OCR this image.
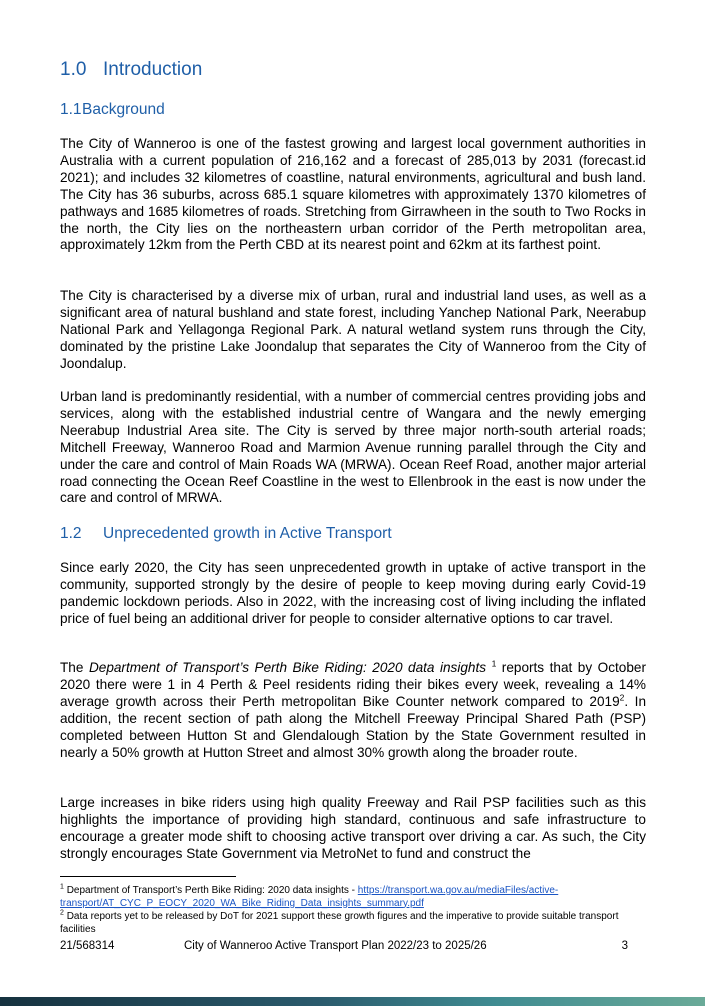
1.0 Introduction
1.1Background
The City of Wanneroo is one of the fastest growing and largest local government authorities in Australia with a current population of 216,162 and a forecast of 285,013 by 2031 (forecast.id 2021); and includes 32 kilometres of coastline, natural environments, agricultural and bush land. The City has 36 suburbs, across 685.1 square kilometres with approximately 1370 kilometres of pathways and 1685 kilometres of roads. Stretching from Girrawheen in the south to Two Rocks in the north, the City lies on the northeastern urban corridor of the Perth metropolitan area, approximately 12km from the Perth CBD at its nearest point and 62km at its farthest point.
The City is characterised by a diverse mix of urban, rural and industrial land uses, as well as a significant area of natural bushland and state forest, including Yanchep National Park, Neerabup National Park and Yellagonga Regional Park. A natural wetland system runs through the City, dominated by the pristine Lake Joondalup that separates the City of Wanneroo from the City of Joondalup.
Urban land is predominantly residential, with a number of commercial centres providing jobs and services, along with the established industrial centre of Wangara and the newly emerging Neerabup Industrial Area site. The City is served by three major north-south arterial roads; Mitchell Freeway, Wanneroo Road and Marmion Avenue running parallel through the City and under the care and control of Main Roads WA (MRWA). Ocean Reef Road, another major arterial road connecting the Ocean Reef Coastline in the west to Ellenbrook in the east is now under the care and control of MRWA.
1.2 Unprecedented growth in Active Transport
Since early 2020, the City has seen unprecedented growth in uptake of active transport in the community, supported strongly by the desire of people to keep moving during early Covid-19 pandemic lockdown periods. Also in 2022, with the increasing cost of living including the inflated price of fuel being an additional driver for people to consider alternative options to car travel.
The Department of Transport’s Perth Bike Riding: 2020 data insights $^1$ reports that by October 2020 there were 1 in 4 Perth & Peel residents riding their bikes every week, revealing a 14% average growth across their Perth metropolitan Bike Counter network compared to 2019$^2$. In addition, the recent section of path along the Mitchell Freeway Principal Shared Path (PSP) completed between Hutton St and Glendalough Station by the State Government resulted in nearly a 50% growth at Hutton Street and almost 30% growth along the broader route.
Large increases in bike riders using high quality Freeway and Rail PSP facilities such as this highlights the importance of providing high standard, continuous and safe infrastructure to encourage a greater mode shift to choosing active transport over driving a car. As such, the City strongly encourages State Government via MetroNet to fund and construct the
$^1$ Department of Transport’s Perth Bike Riding: 2020 data insights - https://transport.wa.gov.au/mediaFiles/active-transport/AT_CYC_P_EOCY_2020_WA_Bike_Riding_Data_insights_summary.pdf
$^2$ Data reports yet to be released by DoT for 2021 support these growth figures and the imperative to provide suitable transport facilities
21/568314	City of Wanneroo Active Transport Plan 2022/23 to 2025/26	3
